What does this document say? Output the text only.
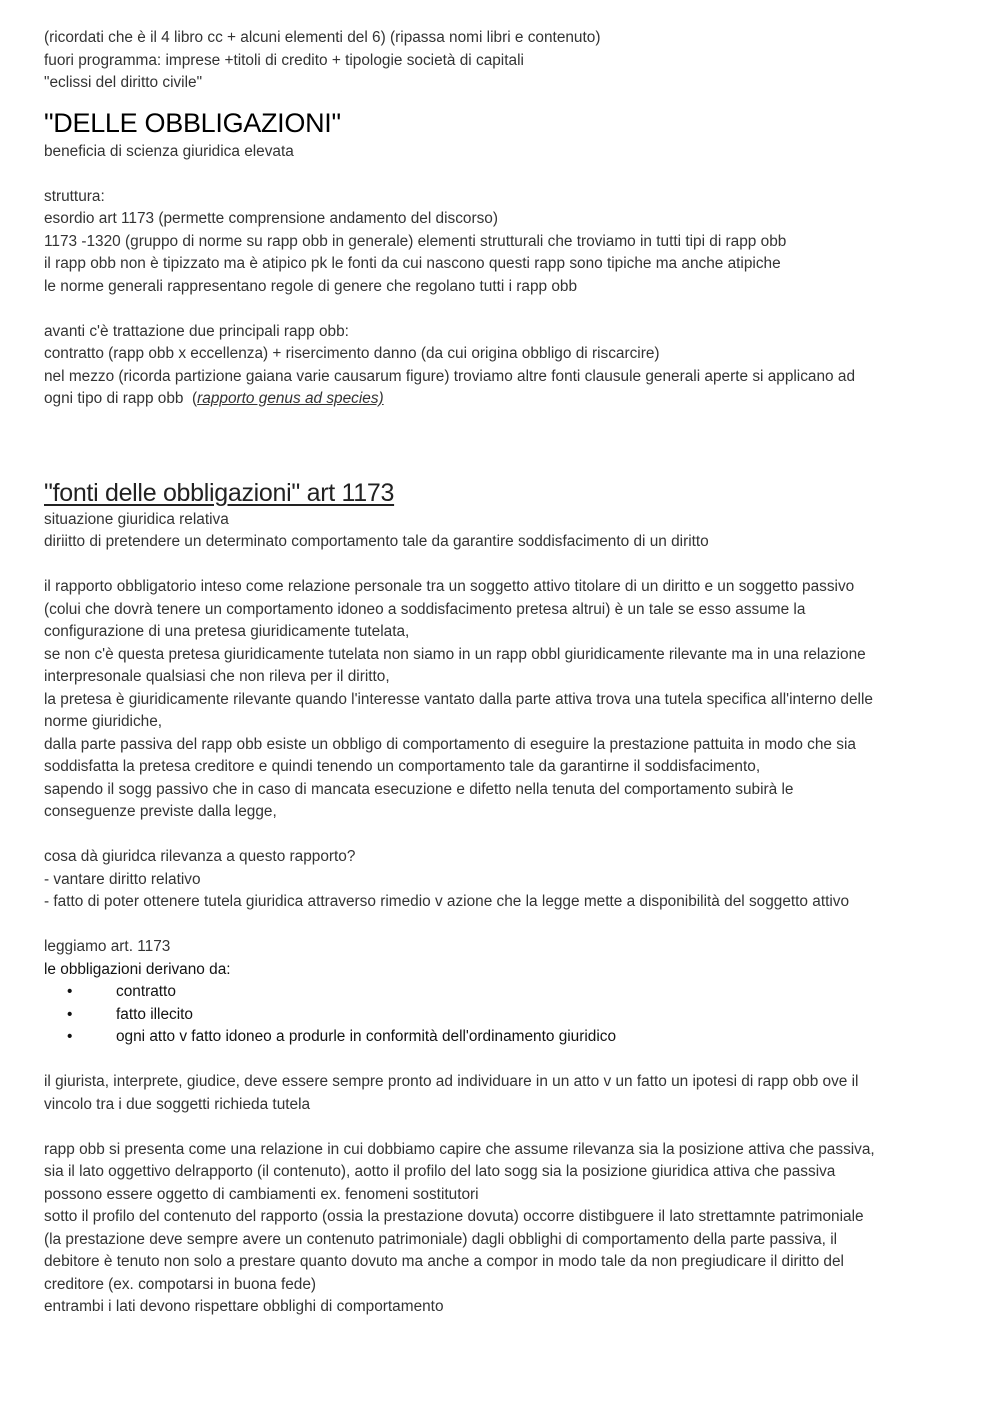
(ricordati che è il 4 libro cc + alcuni elementi del 6) (ripassa nomi libri e contenuto)

fuori programma: imprese +titoli di credito + tipologie società di capitali

"eclissi del diritto civile"

"DELLE OBBLIGAZIONI"

beneficia di scienza giuridica elevata

struttura:

esordio art 1173 (permette comprensione andamento del discorso)

1173 -1320 (gruppo di norme su rapp obb in generale) elementi strutturali che troviamo in tutti tipi di rapp obb

il rapp obb non è tipizzato ma è atipico pk le fonti da cui nascono questi rapp sono tipiche ma anche atipiche

le norme generali rappresentano regole di genere che regolano tutti i rapp obb

avanti c'è trattazione due principali rapp obb:

contratto (rapp obb x eccellenza) + risercimento danno (da cui origina obbligo di riscarcire)

nel mezzo (ricorda partizione gaiana varie causarum figure) troviamo altre fonti clausule generali aperte si applicano ad

ogni tipo di rapp obb  (rapporto genus ad species)

"fonti delle obbligazioni" art 1173

situazione giuridica relativa

diriitto di pretendere un determinato comportamento tale da garantire soddisfacimento di un diritto

il rapporto obbligatorio inteso come relazione personale tra un soggetto attivo titolare di un diritto e un soggetto passivo

(colui che dovrà tenere un comportamento idoneo a soddisfacimento pretesa altrui) è un tale se esso assume la

configurazione di una pretesa giuridicamente tutelata,

se non c'è questa pretesa giuridicamente tutelata non siamo in un rapp obbl giuridicamente rilevante ma in una relazione

interpresonale qualsiasi che non rileva per il diritto,

la pretesa è giuridicamente rilevante quando l'interesse vantato dalla parte attiva trova una tutela specifica all'interno delle

norme giuridiche,

dalla parte passiva del rapp obb esiste un obbligo di comportamento di eseguire la prestazione pattuita in modo che sia

soddisfatta la pretesa creditore e quindi tenendo un comportamento tale da garantirne il soddisfacimento,

sapendo il sogg passivo che in caso di mancata esecuzione e difetto nella tenuta del comportamento subirà le

conseguenze previste dalla legge,

cosa dà giuridca rilevanza a questo rapporto?

- vantare diritto relativo

- fatto di poter ottenere tutela giuridica attraverso rimedio v azione che la legge mette a disponibilità del soggetto attivo

leggiamo art. 1173

le obbligazioni derivano da:

•	contratto
•	fatto illecito
•	ogni atto v fatto idoneo a produrle in conformità dell'ordinamento giuridico

il giurista, interprete, giudice, deve essere sempre pronto ad individuare in un atto v un fatto un ipotesi di rapp obb ove il

vincolo tra i due soggetti richieda tutela

rapp obb si presenta come una relazione in cui dobbiamo capire che assume rilevanza sia la posizione attiva che passiva,

sia il lato oggettivo delrapporto (il contenuto), aotto il profilo del lato sogg sia la posizione giuridica attiva che passiva

possono essere oggetto di cambiamenti ex. fenomeni sostitutori

sotto il profilo del contenuto del rapporto (ossia la prestazione dovuta) occorre distibguere il lato strettamnte patrimoniale

(la prestazione deve sempre avere un contenuto patrimoniale) dagli obblighi di comportamento della parte passiva, il

debitore è tenuto non solo a prestare quanto dovuto ma anche a compor in modo tale da non pregiudicare il diritto del

creditore (ex. compotarsi in buona fede)

entrambi i lati devono rispettare obblighi di comportamento
